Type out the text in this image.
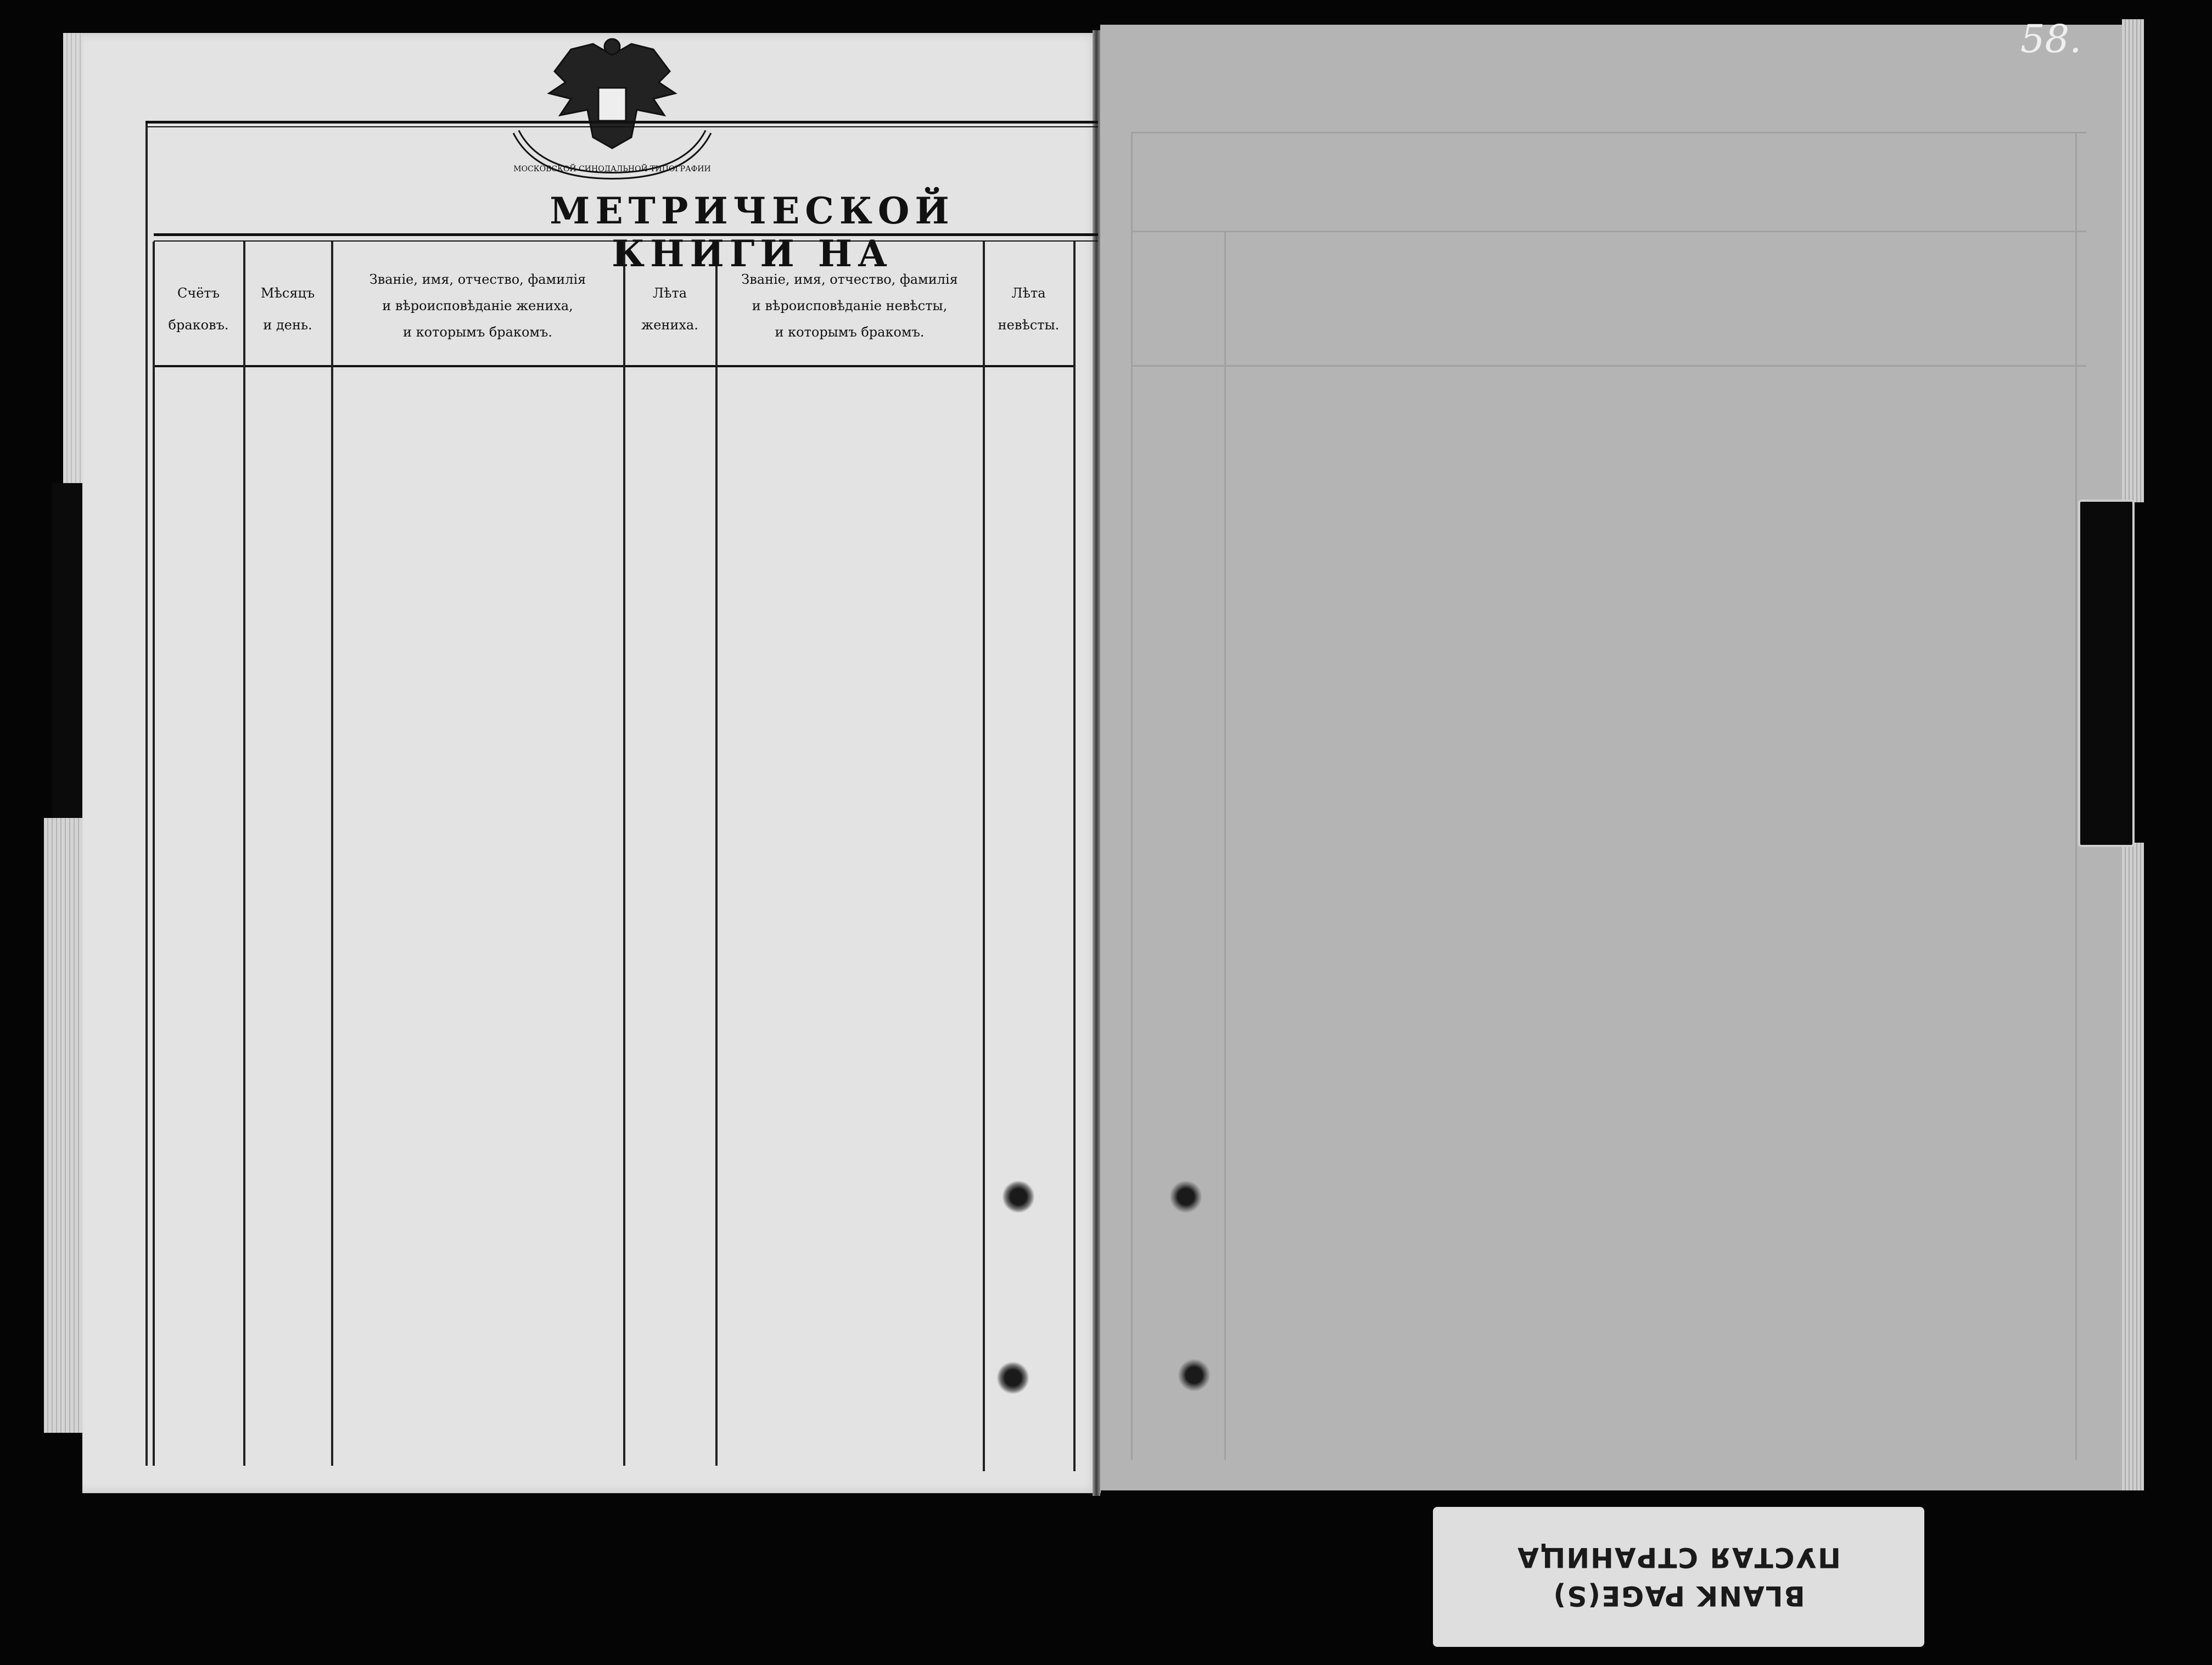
МОСКОВСКОЙ СИНОДАЛЬНОЙ ТИПОГРАФИИ
МЕТРИЧЕСКОЙ КНИГИ НА
Счётъ
браковъ.
Мѣсяцъ
и день.
Званіе, имя, отчество, фамилія
и вѣроисповѣданіе жениха,
и которымъ бракомъ.
Лѣта
жениха.
Званіе, имя, отчество, фамилія
и вѣроисповѣданіе невѣсты,
и которымъ бракомъ.
Лѣта
невѣсты.
58.
ПУСТАЯ СТРАНИЦА
BLANK PAGE(S)
